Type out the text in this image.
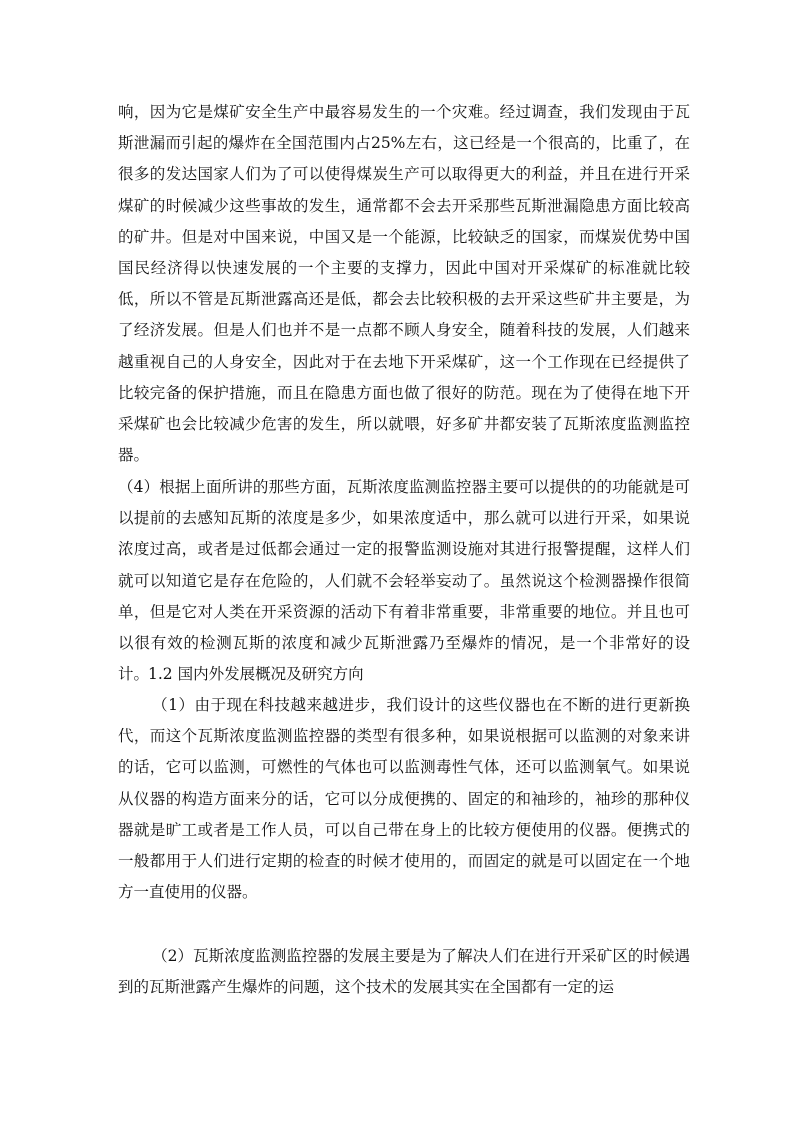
响，因为它是煤矿安全生产中最容易发生的一个灾难。经过调查，我们发现由于瓦斯泄漏而引起的爆炸在全国范围内占25%左右，这已经是一个很高的，比重了，在很多的发达国家人们为了可以使得煤炭生产可以取得更大的利益，并且在进行开采煤矿的时候减少这些事故的发生，通常都不会去开采那些瓦斯泄漏隐患方面比较高的矿井。但是对中国来说，中国又是一个能源，比较缺乏的国家，而煤炭优势中国国民经济得以快速发展的一个主要的支撑力，因此中国对开采煤矿的标准就比较低，所以不管是瓦斯泄露高还是低，都会去比较积极的去开采这些矿井主要是，为了经济发展。但是人们也并不是一点都不顾人身安全，随着科技的发展，人们越来越重视自己的人身安全，因此对于在去地下开采煤矿，这一个工作现在已经提供了比较完备的保护措施，而且在隐患方面也做了很好的防范。现在为了使得在地下开采煤矿也会比较减少危害的发生，所以就喂，好多矿井都安装了瓦斯浓度监测监控器。

（4）根据上面所讲的那些方面，瓦斯浓度监测监控器主要可以提供的的功能就是可以提前的去感知瓦斯的浓度是多少，如果浓度适中，那么就可以进行开采，如果说浓度过高，或者是过低都会通过一定的报警监测设施对其进行报警提醒，这样人们就可以知道它是存在危险的，人们就不会轻举妄动了。虽然说这个检测器操作很简单，但是它对人类在开采资源的活动下有着非常重要，非常重要的地位。并且也可以很有效的检测瓦斯的浓度和减少瓦斯泄露乃至爆炸的情况，是一个非常好的设计。

1.2 国内外发展概况及研究方向

（1）由于现在科技越来越进步，我们设计的这些仪器也在不断的进行更新换代，而这个瓦斯浓度监测监控器的类型有很多种，如果说根据可以监测的对象来讲的话，它可以监测，可燃性的气体也可以监测毒性气体，还可以监测氧气。如果说从仪器的构造方面来分的话，它可以分成便携的、固定的和袖珍的，袖珍的那种仪器就是旷工或者是工作人员，可以自己带在身上的比较方便使用的仪器。便携式的一般都用于人们进行定期的检查的时候才使用的，而固定的就是可以固定在一个地方一直使用的仪器。

（2）瓦斯浓度监测监控器的发展主要是为了解决人们在进行开采矿区的时候遇到的瓦斯泄露产生爆炸的问题，这个技术的发展其实在全国都有一定的运
